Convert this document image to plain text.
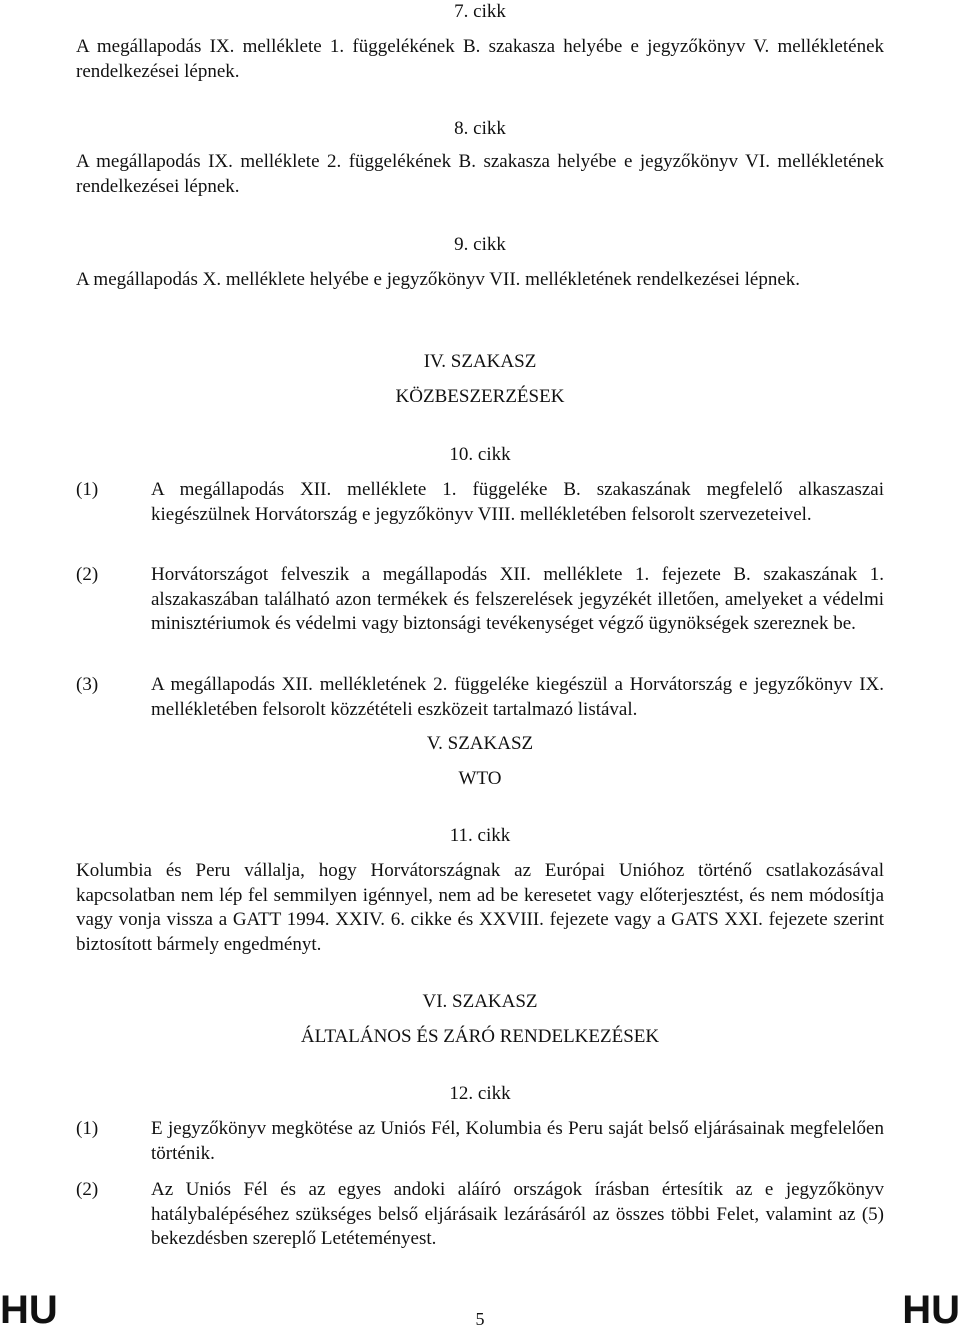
7. cikk
A megállapodás IX. melléklete 1. függelékének B. szakasza helyébe e jegyzőkönyv V. mellékletének rendelkezései lépnek.
8. cikk
A megállapodás IX. melléklete 2. függelékének B. szakasza helyébe e jegyzőkönyv VI. mellékletének rendelkezései lépnek.
9. cikk
A megállapodás X. melléklete helyébe e jegyzőkönyv VII. mellékletének rendelkezései lépnek.
IV. SZAKASZ
KÖZBESZERZÉSEK
10. cikk
(1)	A megállapodás XII. melléklete 1. függeléke B. szakaszának megfelelő alkaszaszai kiegészülnek Horvátország e jegyzőkönyv VIII. mellékletében felsorolt szervezeteivel.
(2)	Horvátországot felveszik a megállapodás XII. melléklete 1. fejezete B. szakaszának 1. alszakaszában található azon termékek és felszerelések jegyzékét illetően, amelyeket a védelmi minisztériumok és védelmi vagy biztonsági tevékenységet végző ügynökségek szereznek be.
(3)	A megállapodás XII. mellékletének 2. függeléke kiegészül a Horvátország e jegyzőkönyv IX. mellékletében felsorolt közzétételi eszközeit tartalmazó listával.
V. SZAKASZ
WTO
11. cikk
Kolumbia és Peru vállalja, hogy Horvátországnak az Európai Unióhoz történő csatlakozásával kapcsolatban nem lép fel semmilyen igénnyel, nem ad be keresetet vagy előterjesztést, és nem módosítja vagy vonja vissza a GATT 1994. XXIV. 6. cikke és XXVIII. fejezete vagy a GATS XXI. fejezete szerint biztosított bármely engedményt.
VI. SZAKASZ
ÁLTALÁNOS ÉS ZÁRÓ RENDELKEZÉSEK
12. cikk
(1)	E jegyzőkönyv megkötése az Uniós Fél, Kolumbia és Peru saját belső eljárásainak megfelelően történik.
(2)	Az Uniós Fél és az egyes andoki aláíró országok írásban értesítik az e jegyzőkönyv hatálybalépéséhez szükséges belső eljárásaik lezárásáról az összes többi Felet, valamint az (5) bekezdésben szereplő Letéteményest.
HU	5	HU
